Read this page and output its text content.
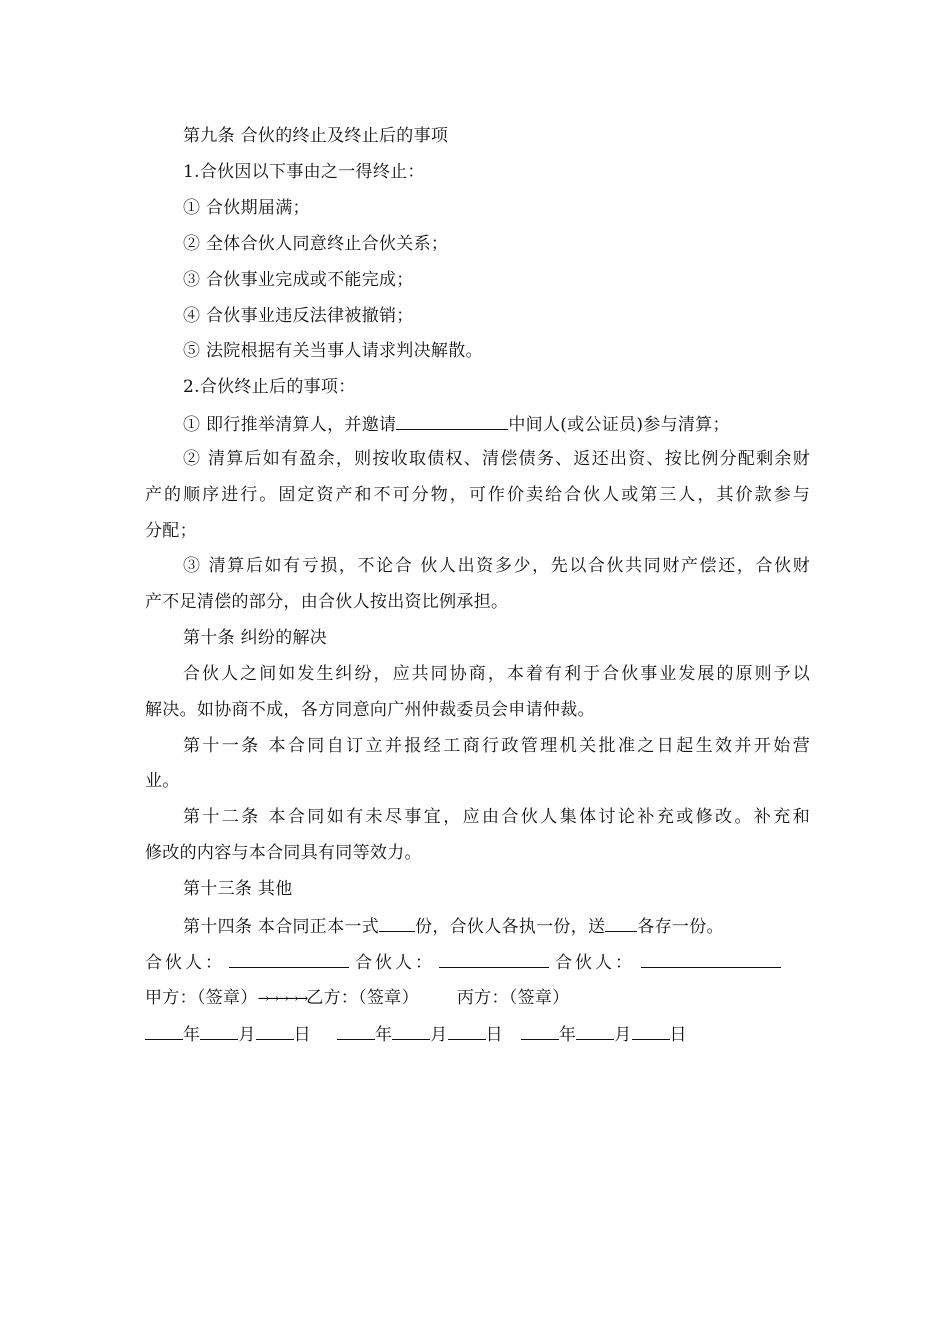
第九条 合伙的终止及终止后的事项
1.合伙因以下事由之一得终止：
① 合伙期届满；
② 全体合伙人同意终止合伙关系；
③ 合伙事业完成或不能完成；
④ 合伙事业违反法律被撤销；
⑤ 法院根据有关当事人请求判决解散。
2.合伙终止后的事项：
① 即行推举清算人，并邀请	中间人(或公证员)参与清算；
② 清算后如有盈余，则按收取债权、清偿债务、返还出资、按比例分配剩余财
产的顺序进行。固定资产和不可分物，可作价卖给合伙人或第三人，其价款参与
分配；
③ 清算后如有亏损，不论合 伙人出资多少，先以合伙共同财产偿还，合伙财
产不足清偿的部分，由合伙人按出资比例承担。
第十条 纠纷的解决
合伙人之间如发生纠纷，应共同协商，本着有利于合伙事业发展的原则予以
解决。如协商不成，各方同意向广州仲裁委员会申请仲裁。
第十一条 本合同自订立并报经工商行政管理机关批准之日起生效并开始营
业。
第十二条 本合同如有未尽事宜，应由合伙人集体讨论补充或修改。补充和
修改的内容与本合同具有同等效力。
第十三条 其他
第十四条 本合同正本一式 份，合伙人各执一份，送 各存一份。
合伙人：	合伙人：	合伙人：
甲方：（签章）→→→→→乙方：（签章） 丙方：（签章）
年 月 日	年 月 日	年 月 日
